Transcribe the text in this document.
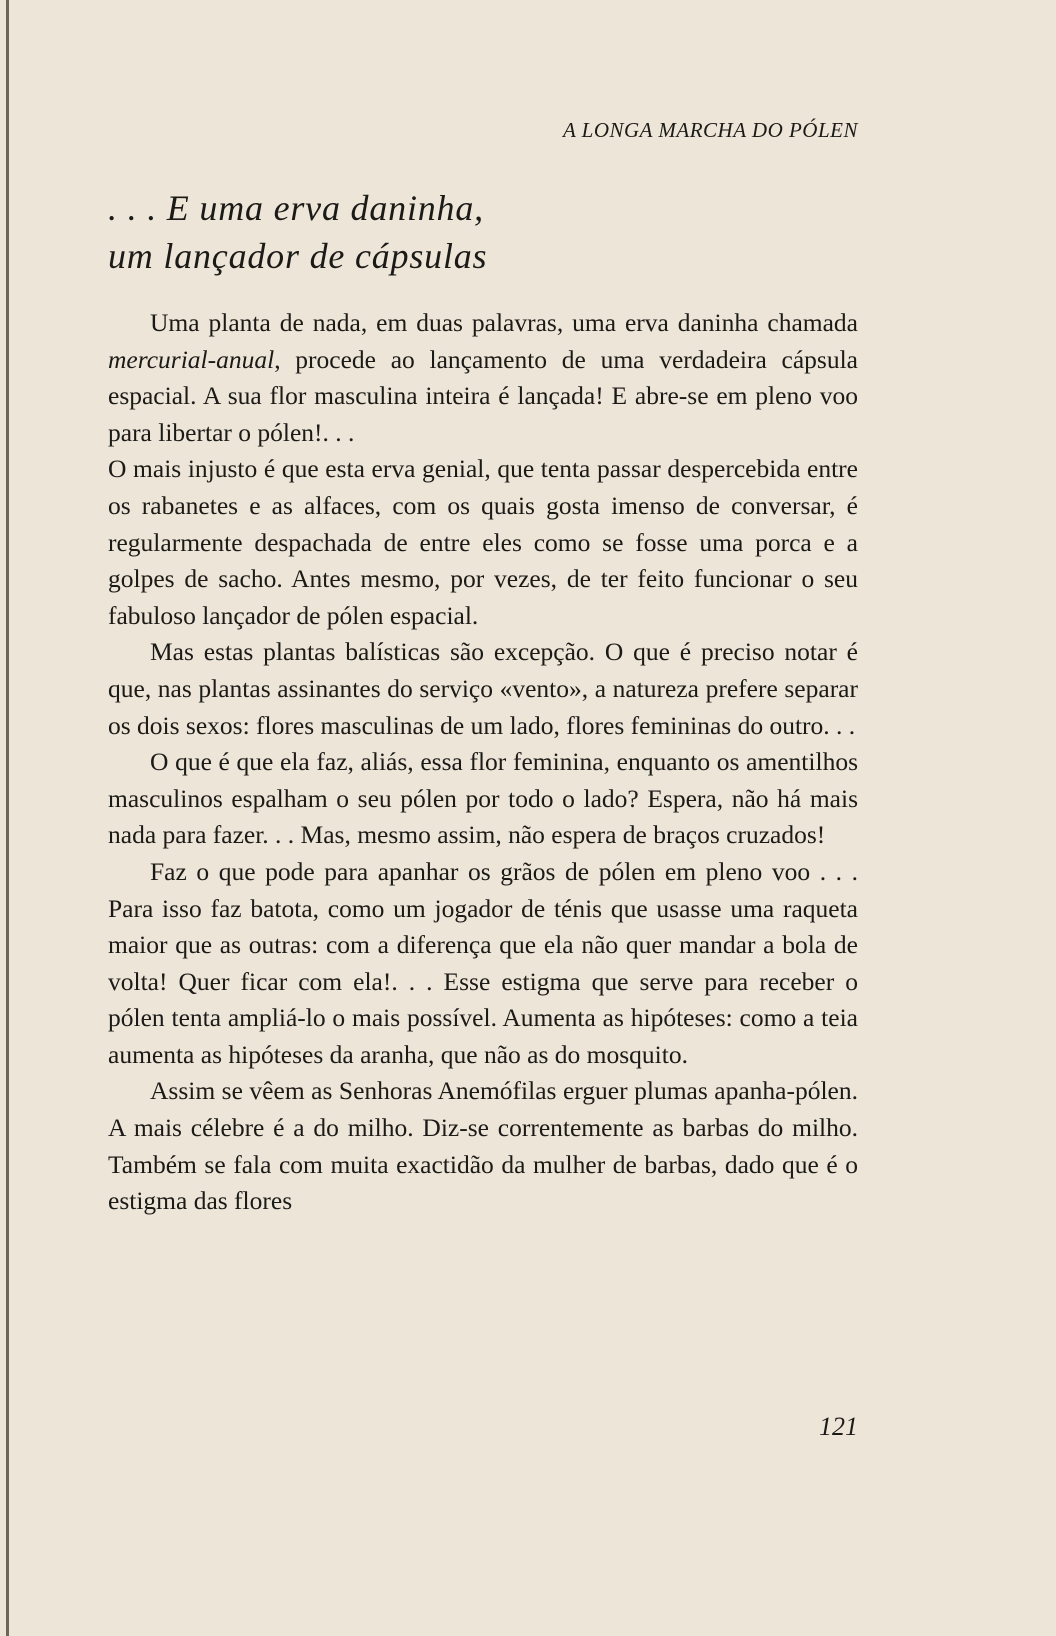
A LONGA MARCHA DO PÓLEN
. . . E uma erva daninha,
um lançador de cápsulas

Uma planta de nada, em duas palavras, uma erva daninha chamada mercurial-anual, procede ao lançamento de uma verdadeira cápsula espacial. A sua flor masculina inteira é lançada! E abre-se em pleno voo para libertar o pólen!. . .

O mais injusto é que esta erva genial, que tenta passar despercebida entre os rabanetes e as alfaces, com os quais gosta imenso de conversar, é regularmente despachada de entre eles como se fosse uma porca e a golpes de sacho. Antes mesmo, por vezes, de ter feito funcionar o seu fabuloso lançador de pólen espacial.

Mas estas plantas balísticas são excepção. O que é preciso notar é que, nas plantas assinantes do serviço «vento», a natureza prefere separar os dois sexos: flores masculinas de um lado, flores femininas do outro. . .

O que é que ela faz, aliás, essa flor feminina, enquanto os amentilhos masculinos espalham o seu pólen por todo o lado? Espera, não há mais nada para fazer. . . Mas, mesmo assim, não espera de braços cruzados!

Faz o que pode para apanhar os grãos de pólen em pleno voo . . . Para isso faz batota, como um jogador de ténis que usasse uma raqueta maior que as outras: com a diferença que ela não quer mandar a bola de volta! Quer ficar com ela!. . . Esse estigma que serve para receber o pólen tenta ampliá-lo o mais possível. Aumenta as hipóteses: como a teia aumenta as hipóteses da aranha, que não as do mosquito.

Assim se vêem as Senhoras Anemófilas erguer plumas apanha-pólen. A mais célebre é a do milho. Diz-se correntemente as barbas do milho. Também se fala com muita exactidão da mulher de barbas, dado que é o estigma das flores

121
